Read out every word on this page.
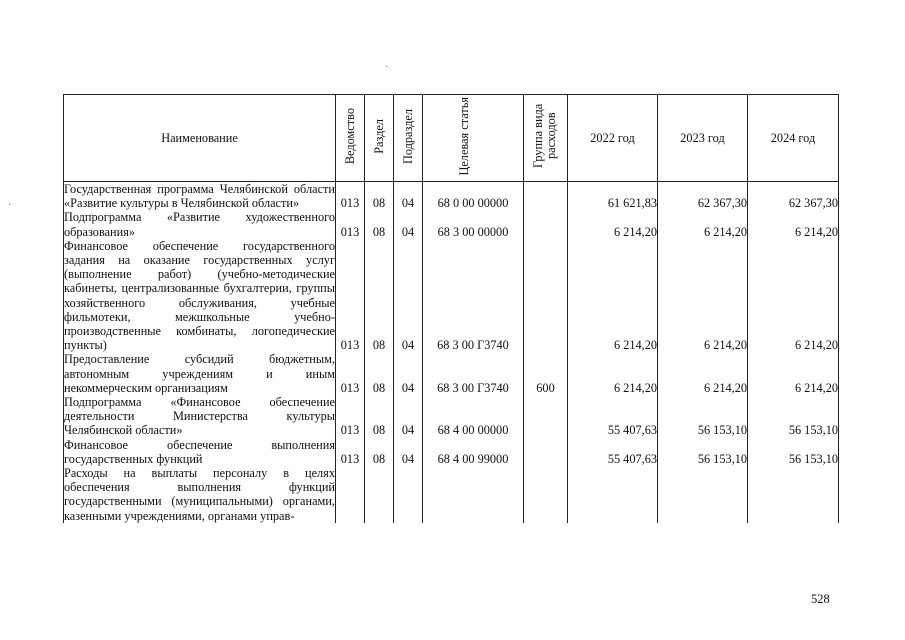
·
·
Наименование	Ведомство	Раздел	Подраздел	Целевая статья	Группа вида расходов	2022 год	2023 год	2024 год
Государственная программа Челябинской области «Развитие культуры в Челябинской области»	013	08	04	68 0 00 00000		61 621,83	62 367,30	62 367,30
Подпрограмма «Развитие художественного образования»	013	08	04	68 3 00 00000		6 214,20	6 214,20	6 214,20
Финансовое обеспечение государственного задания на оказание государственных услуг (выполнение работ) (учебно-методические кабинеты, централизованные бухгалтерии, группы хозяйственного обслуживания, учебные фильмотеки, межшкольные учебно-производственные комбинаты, логопедические пункты)	013	08	04	68 3 00 Г3740		6 214,20	6 214,20	6 214,20
Предоставление субсидий бюджетным, автономным учреждениям и иным некоммерческим организациям	013	08	04	68 3 00 Г3740	600	6 214,20	6 214,20	6 214,20
Подпрограмма «Финансовое обеспечение деятельности Министерства культуры Челябинской области»	013	08	04	68 4 00 00000		55 407,63	56 153,10	56 153,10
Финансовое обеспечение выполнения государственных функций	013	08	04	68 4 00 99000		55 407,63	56 153,10	56 153,10
Расходы на выплаты персоналу в целях обеспечения выполнения функций государственными (муниципальными) органами, казенными учреждениями, органами управ-								
528
